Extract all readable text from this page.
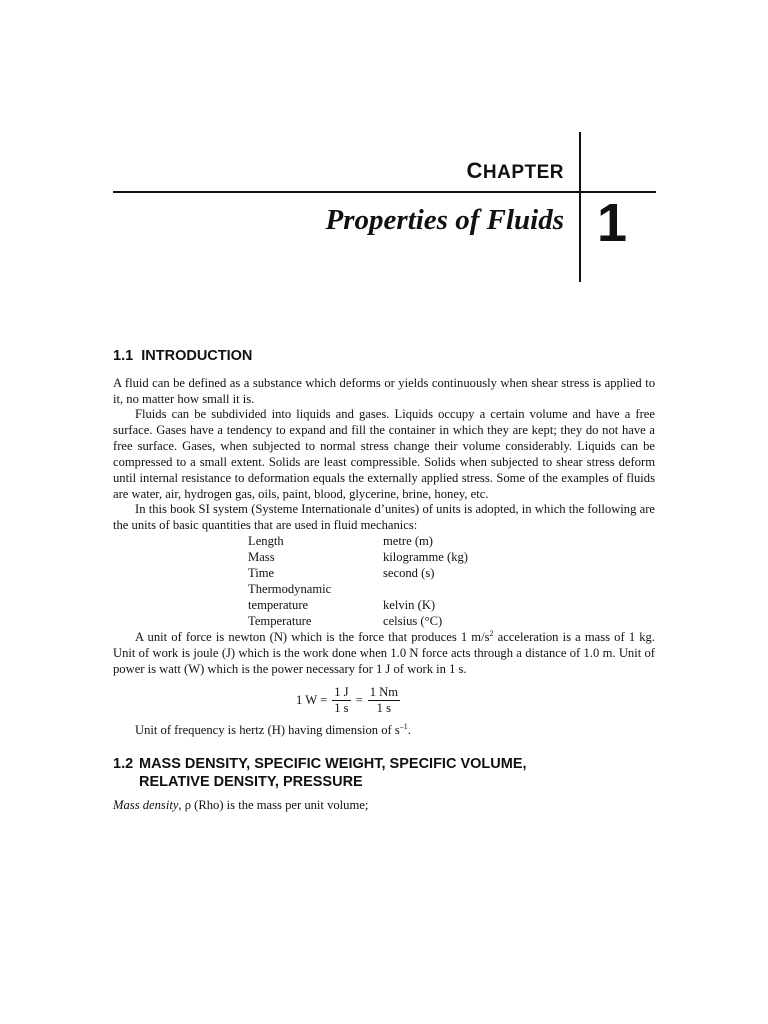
CHAPTER
Properties of Fluids 1
1.1 INTRODUCTION
A fluid can be defined as a substance which deforms or yields continuously when shear stress is applied to it, no matter how small it is.
Fluids can be subdivided into liquids and gases. Liquids occupy a certain volume and have a free surface. Gases have a tendency to expand and fill the container in which they are kept; they do not have a free surface. Gases, when subjected to normal stress change their volume considerably. Liquids can be compressed to a small extent. Solids are least compressible. Solids when subjected to shear stress deform until internal resistance to deformation equals the externally applied stress. Some of the examples of fluids are water, air, hydrogen gas, oils, paint, blood, glycerine, brine, honey, etc.
In this book SI system (Systeme Internationale d’unites) of units is adopted, in which the following are the units of basic quantities that are used in fluid mechanics:
Length	metre (m)
Mass	kilogramme (kg)
Time	second (s)
Thermodynamic
temperature	kelvin (K)
Temperature	celsius (°C)
A unit of force is newton (N) which is the force that produces 1 $m/s^2$ acceleration is a mass of 1 kg. Unit of work is joule (J) which is the work done when 1.0 N force acts through a distance of 1.0 m. Unit of power is watt (W) which is the power necessary for 1 J of work in 1 s.
1 $W = \frac{1 J}{1 s} = \frac{1 Nm}{1 s}$
Unit of frequency is hertz (H) having dimension of $s^{-1}$.
1.2 MASS DENSITY, SPECIFIC WEIGHT, SPECIFIC VOLUME,
RELATIVE DENSITY, PRESSURE
Mass density, ρ (Rho) is the mass per unit volume;
